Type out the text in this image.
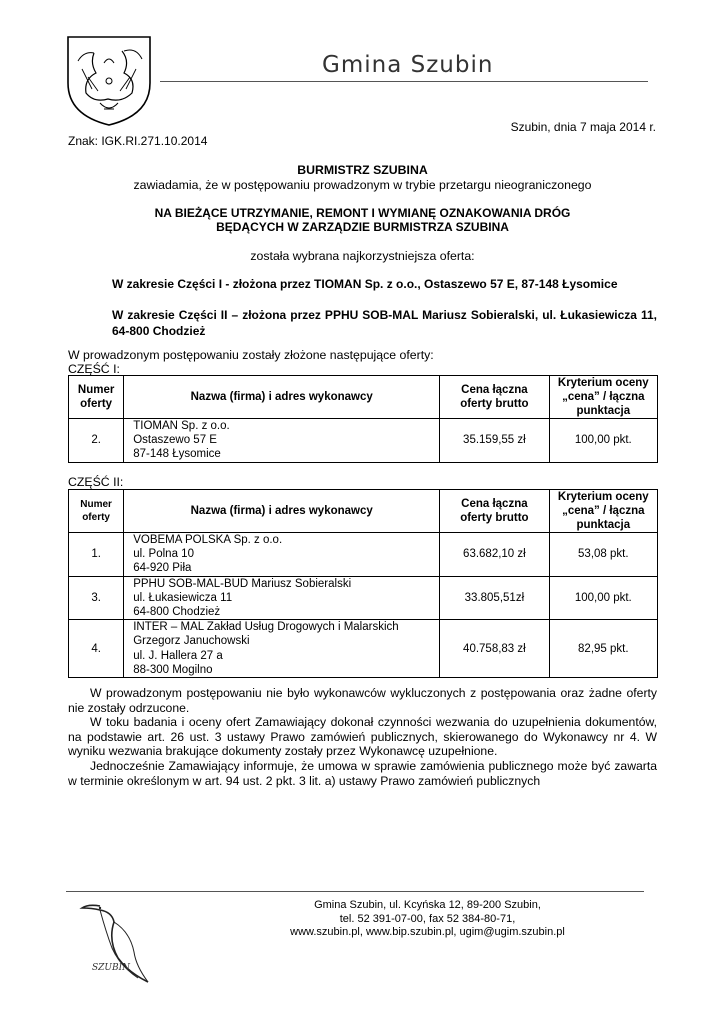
Gmina Szubin
Szubin, dnia 7 maja 2014 r.
Znak: IGK.RI.271.10.2014
BURMISTRZ SZUBINA
zawiadamia, że w postępowaniu prowadzonym w trybie przetargu nieograniczonego
NA BIEŻĄCE UTRZYMANIE, REMONT I WYMIANĘ OZNAKOWANIA DRÓG
BĘDĄCYCH W ZARZĄDZIE BURMISTRZA SZUBINA
została wybrana najkorzystniejsza oferta:
W zakresie Części I - złożona przez TIOMAN Sp. z o.o., Ostaszewo 57 E, 87-148 Łysomice
W zakresie Części II – złożona przez PPHU SOB-MAL Mariusz Sobieralski, ul. Łukasiewicza 11, 64-800 Chodzież
W prowadzonym postępowaniu zostały złożone następujące oferty:
CZĘŚĆ I:
Numer oferty	Nazwa (firma) i adres wykonawcy	Cena łączna oferty brutto	Kryterium oceny „cena” / łączna punktacja
2.	TIOMAN Sp. z o.o.
Ostaszewo 57 E
87-148 Łysomice	35.159,55 zł	100,00 pkt.
CZĘŚĆ II:
Numer oferty	Nazwa (firma) i adres wykonawcy	Cena łączna oferty brutto	Kryterium oceny „cena” / łączna punktacja
1.	VOBEMA POLSKA Sp. z o.o.
ul. Polna 10
64-920 Piła	63.682,10 zł	53,08 pkt.
3.	PPHU SOB-MAL-BUD Mariusz Sobieralski
ul. Łukasiewicza 11
64-800 Chodzież	33.805,51zł	100,00 pkt.
4.	INTER – MAL Zakład Usług Drogowych i Malarskich
Grzegorz Januchowski
ul. J. Hallera 27 a
88-300 Mogilno	40.758,83 zł	82,95 pkt.

W prowadzonym postępowaniu nie było wykonawców wykluczonych z postępowania oraz żadne oferty nie zostały odrzucone.

W toku badania i oceny ofert Zamawiający dokonał czynności wezwania do uzupełnienia dokumentów, na podstawie art. 26 ust. 3 ustawy Prawo zamówień publicznych, skierowanego do Wykonawcy nr 4. W wyniku wezwania brakujące dokumenty zostały przez Wykonawcę uzupełnione.

Jednocześnie Zamawiający informuje, że umowa w sprawie zamówienia publicznego może być zawarta w terminie określonym w art. 94 ust. 2 pkt. 3 lit. a) ustawy Prawo zamówień publicznych

SZUBIN
Gmina Szubin, ul. Kcyńska 12, 89-200 Szubin,
tel. 52 391-07-00, fax 52 384-80-71,
www.szubin.pl, www.bip.szubin.pl, ugim@ugim.szubin.pl
